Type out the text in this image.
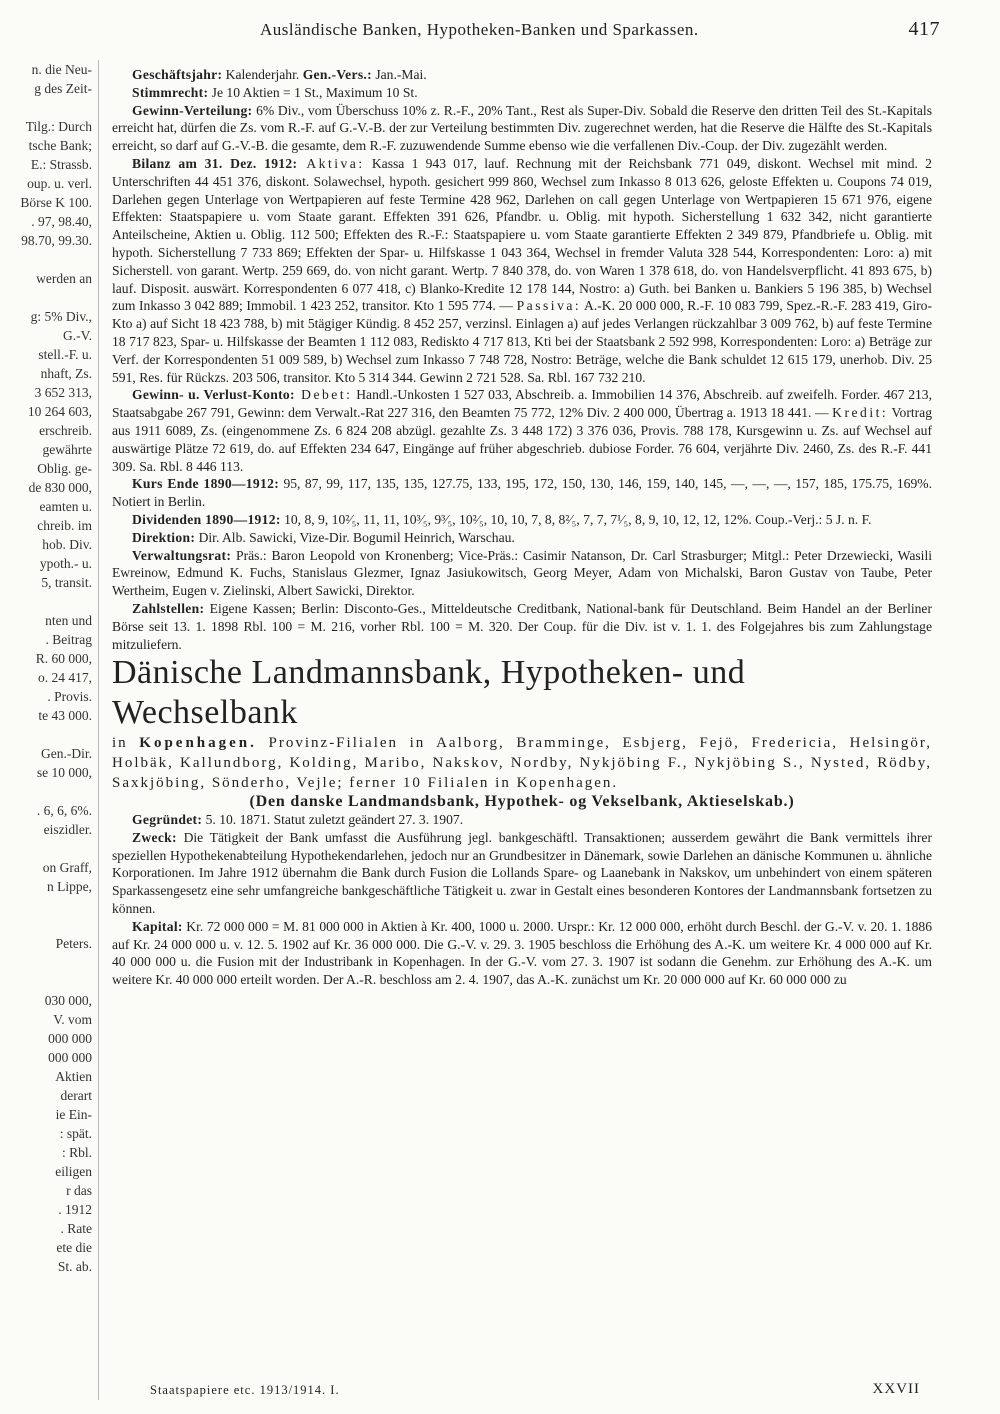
Ausländische Banken, Hypotheken-Banken und Sparkassen.	417
n. die Neu-
g des Zeit-
Tilg.: Durch
tsche Bank;
E.: Strassb.
oup. u. verl.
Börse K 100.
. 97, 98.40,
98.70, 99.30.
werden an
g: 5% Div.,
G.-V.
stell.-F. u.
nhaft, Zs.
3 652 313,
10 264 603,
erschreib.
gewährte
Oblig. ge-
de 830 000,
eamten u.
chreib. im
hob. Div.
ypoth.- u.
5, transit.
nten und
. Beitrag
R. 60 000,
o. 24 417,
. Provis.
te 43 000.
Gen.-Dir.
se 10 000,
. 6, 6, 6%.
eiszidler.
on Graff,
n Lippe,
Peters.
030 000,
V. vom
000 000
000 000
Aktien
derart
ie Ein-
: spät.
: Rbl.
eiligen
r das
. 1912
. Rate
ete die
St. ab.

Geschäftsjahr: Kalenderjahr. Gen.-Vers.: Jan.-Mai.

Stimmrecht: Je 10 Aktien = 1 St., Maximum 10 St.

Gewinn-Verteilung: 6% Div., vom Überschuss 10% z. R.-F., 20% Tant., Rest als Super-Div. Sobald die Reserve den dritten Teil des St.-Kapitals erreicht hat, dürfen die Zs. vom R.-F. auf G.-V.-B. der zur Verteilung bestimmten Div. zugerechnet werden, hat die Reserve die Hälfte des St.-Kapitals erreicht, so darf auf G.-V.-B. die gesamte, dem R.-F. zuzuwendende Summe ebenso wie die verfallenen Div.-Coup. der Div. zugezählt werden.

Bilanz am 31. Dez. 1912: Aktiva: Kassa 1 943 017, lauf. Rechnung mit der Reichsbank 771 049, diskont. Wechsel mit mind. 2 Unterschriften 44 451 376, diskont. Solawechsel, hypoth. gesichert 999 860, Wechsel zum Inkasso 8 013 626, geloste Effekten u. Coupons 74 019, Darlehen gegen Unterlage von Wertpapieren auf feste Termine 428 962, Darlehen on call gegen Unterlage von Wertpapieren 15 671 976, eigene Effekten: Staatspapiere u. vom Staate garant. Effekten 391 626, Pfandbr. u. Oblig. mit hypoth. Sicherstellung 1 632 342, nicht garantierte Anteilscheine, Aktien u. Oblig. 112 500; Effekten des R.-F.: Staatspapiere u. vom Staate garantierte Effekten 2 349 879, Pfandbriefe u. Oblig. mit hypoth. Sicherstellung 7 733 869; Effekten der Spar- u. Hilfskasse 1 043 364, Wechsel in fremder Valuta 328 544, Korrespondenten: Loro: a) mit Sicherstell. von garant. Wertp. 259 669, do. von nicht garant. Wertp. 7 840 378, do. von Waren 1 378 618, do. von Handelsverpflicht. 41 893 675, b) lauf. Disposit. auswärt. Korrespondenten 6 077 418, c) Blanko-Kredite 12 178 144, Nostro: a) Guth. bei Banken u. Bankiers 5 196 385, b) Wechsel zum Inkasso 3 042 889; Immobil. 1 423 252, transitor. Kto 1 595 774. — Passiva: A.-K. 20 000 000, R.-F. 10 083 799, Spez.-R.-F. 283 419, Giro-Kto a) auf Sicht 18 423 788, b) mit 5tägiger Kündig. 8 452 257, verzinsl. Einlagen a) auf jedes Verlangen rückzahlbar 3 009 762, b) auf feste Termine 18 717 823, Spar- u. Hilfskasse der Beamten 1 112 083, Rediskto 4 717 813, Kti bei der Staatsbank 2 592 998, Korrespondenten: Loro: a) Beträge zur Verf. der Korrespondenten 51 009 589, b) Wechsel zum Inkasso 7 748 728, Nostro: Beträge, welche die Bank schuldet 12 615 179, unerhob. Div. 25 591, Res. für Rückzs. 203 506, transitor. Kto 5 314 344. Gewinn 2 721 528. Sa. Rbl. 167 732 210.

Gewinn- u. Verlust-Konto: Debet: Handl.-Unkosten 1 527 033, Abschreib. a. Immobilien 14 376, Abschreib. auf zweifelh. Forder. 467 213, Staatsabgabe 267 791, Gewinn: dem Verwalt.-Rat 227 316, den Beamten 75 772, 12% Div. 2 400 000, Übertrag a. 1913 18 441. — Kredit: Vortrag aus 1911 6089, Zs. (eingenommene Zs. 6 824 208 abzügl. gezahlte Zs. 3 448 172) 3 376 036, Provis. 788 178, Kursgewinn u. Zs. auf Wechsel auf auswärtige Plätze 72 619, do. auf Effekten 234 647, Eingänge auf früher abgeschrieb. dubiose Forder. 76 604, verjährte Div. 2460, Zs. des R.-F. 441 309. Sa. Rbl. 8 446 113.

Kurs Ende 1890—1912: 95, 87, 99, 117, 135, 135, 127.75, 133, 195, 172, 150, 130, 146, 159, 140, 145, —, —, —, 157, 185, 175.75, 169%. Notiert in Berlin.

Dividenden 1890—1912: 10, 8, 9, 10²⁄₅, 11, 11, 10³⁄₅, 9³⁄₅, 10²⁄₅, 10, 10, 7, 8, 8²⁄₅, 7, 7, 7¹⁄₅, 8, 9, 10, 12, 12, 12%. Coup.-Verj.: 5 J. n. F.

Direktion: Dir. Alb. Sawicki, Vize-Dir. Bogumil Heinrich, Warschau.

Verwaltungsrat: Präs.: Baron Leopold von Kronenberg; Vice-Präs.: Casimir Natanson, Dr. Carl Strasburger; Mitgl.: Peter Drzewiecki, Wasili Ewreinow, Edmund K. Fuchs, Stanislaus Glezmer, Ignaz Jasiukowitsch, Georg Meyer, Adam von Michalski, Baron Gustav von Taube, Peter Wertheim, Eugen v. Zielinski, Albert Sawicki, Direktor.

Zahlstellen: Eigene Kassen; Berlin: Disconto-Ges., Mitteldeutsche Creditbank, National-bank für Deutschland. Beim Handel an der Berliner Börse seit 13. 1. 1898 Rbl. 100 = M. 216, vorher Rbl. 100 = M. 320. Der Coup. für die Div. ist v. 1. 1. des Folgejahres bis zum Zahlungstage mitzuliefern.

Dänische Landmannsbank, Hypotheken- und Wechselbank

in Kopenhagen. Provinz-Filialen in Aalborg, Bramminge, Esbjerg, Fejö, Fredericia, Helsingör, Holbäk, Kallundborg, Kolding, Maribo, Nakskov, Nordby, Nykjöbing F., Nykjöbing S., Nysted, Rödby, Saxkjöbing, Sönderho, Vejle; ferner 10 Filialen in Kopenhagen.

(Den danske Landmandsbank, Hypothek- og Vekselbank, Aktieselskab.)

Gegründet: 5. 10. 1871. Statut zuletzt geändert 27. 3. 1907.

Zweck: Die Tätigkeit der Bank umfasst die Ausführung jegl. bankgeschäftl. Transaktionen; ausserdem gewährt die Bank vermittels ihrer speziellen Hypothekenabteilung Hypothekendarlehen, jedoch nur an Grundbesitzer in Dänemark, sowie Darlehen an dänische Kommunen u. ähnliche Korporationen. Im Jahre 1912 übernahm die Bank durch Fusion die Lollands Spare- og Laanebank in Nakskov, um unbehindert von einem späteren Sparkassengesetz eine sehr umfangreiche bankgeschäftliche Tätigkeit u. zwar in Gestalt eines besonderen Kontores der Landmannsbank fortsetzen zu können.

Kapital: Kr. 72 000 000 = M. 81 000 000 in Aktien à Kr. 400, 1000 u. 2000. Urspr.: Kr. 12 000 000, erhöht durch Beschl. der G.-V. v. 20. 1. 1886 auf Kr. 24 000 000 u. v. 12. 5. 1902 auf Kr. 36 000 000. Die G.-V. v. 29. 3. 1905 beschloss die Erhöhung des A.-K. um weitere Kr. 4 000 000 auf Kr. 40 000 000 u. die Fusion mit der Industribank in Kopenhagen. In der G.-V. vom 27. 3. 1907 ist sodann die Genehm. zur Erhöhung des A.-K. um weitere Kr. 40 000 000 erteilt worden. Der A.-R. beschloss am 2. 4. 1907, das A.-K. zunächst um Kr. 20 000 000 auf Kr. 60 000 000 zu

Staatspapiere etc. 1913/1914. I.	XXVII
